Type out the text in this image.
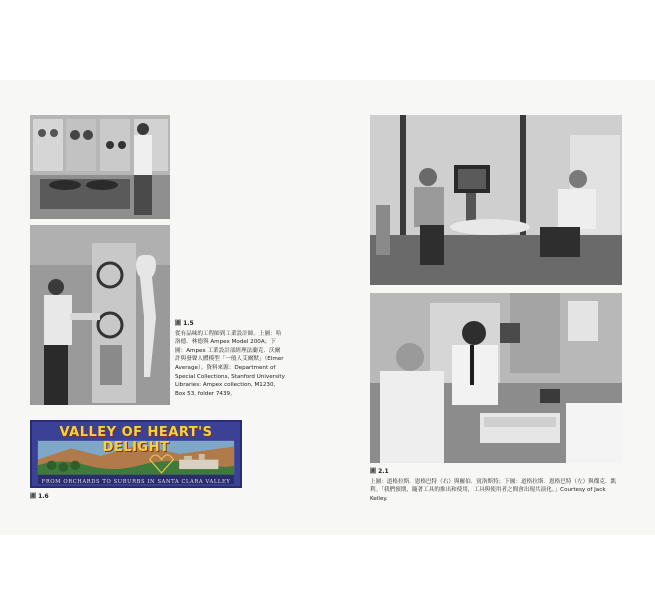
圖 1.5
從有品味的工程師到工業設計師。上圖：哈洛德．林德與 Ampex Model 200A；下圖：Ampex 工業設計部經理法蘭克．沃爾許與發聲人體模型「一般人艾爾默」（Elmer Average）。資料來源：Department of Special Collections, Stanford University Libraries: Ampex collection, M1230, Box 53, folder 7439。
VALLEY OF HEART'S DELIGHT
FROM ORCHARDS TO SUBURBS IN SANTA CLARA VALLEY
圖 1.6
圖 2.1
上圖：道格拉斯．恩格巴特（右）與羅伯．賓洛斯特；下圖：道格拉斯．恩格巴特（左）與傑克．凱利。「我們預期，隨著工具的推出和使用，工具與使用者之間會出現共演化。」Courtesy of Jack Kelley.
